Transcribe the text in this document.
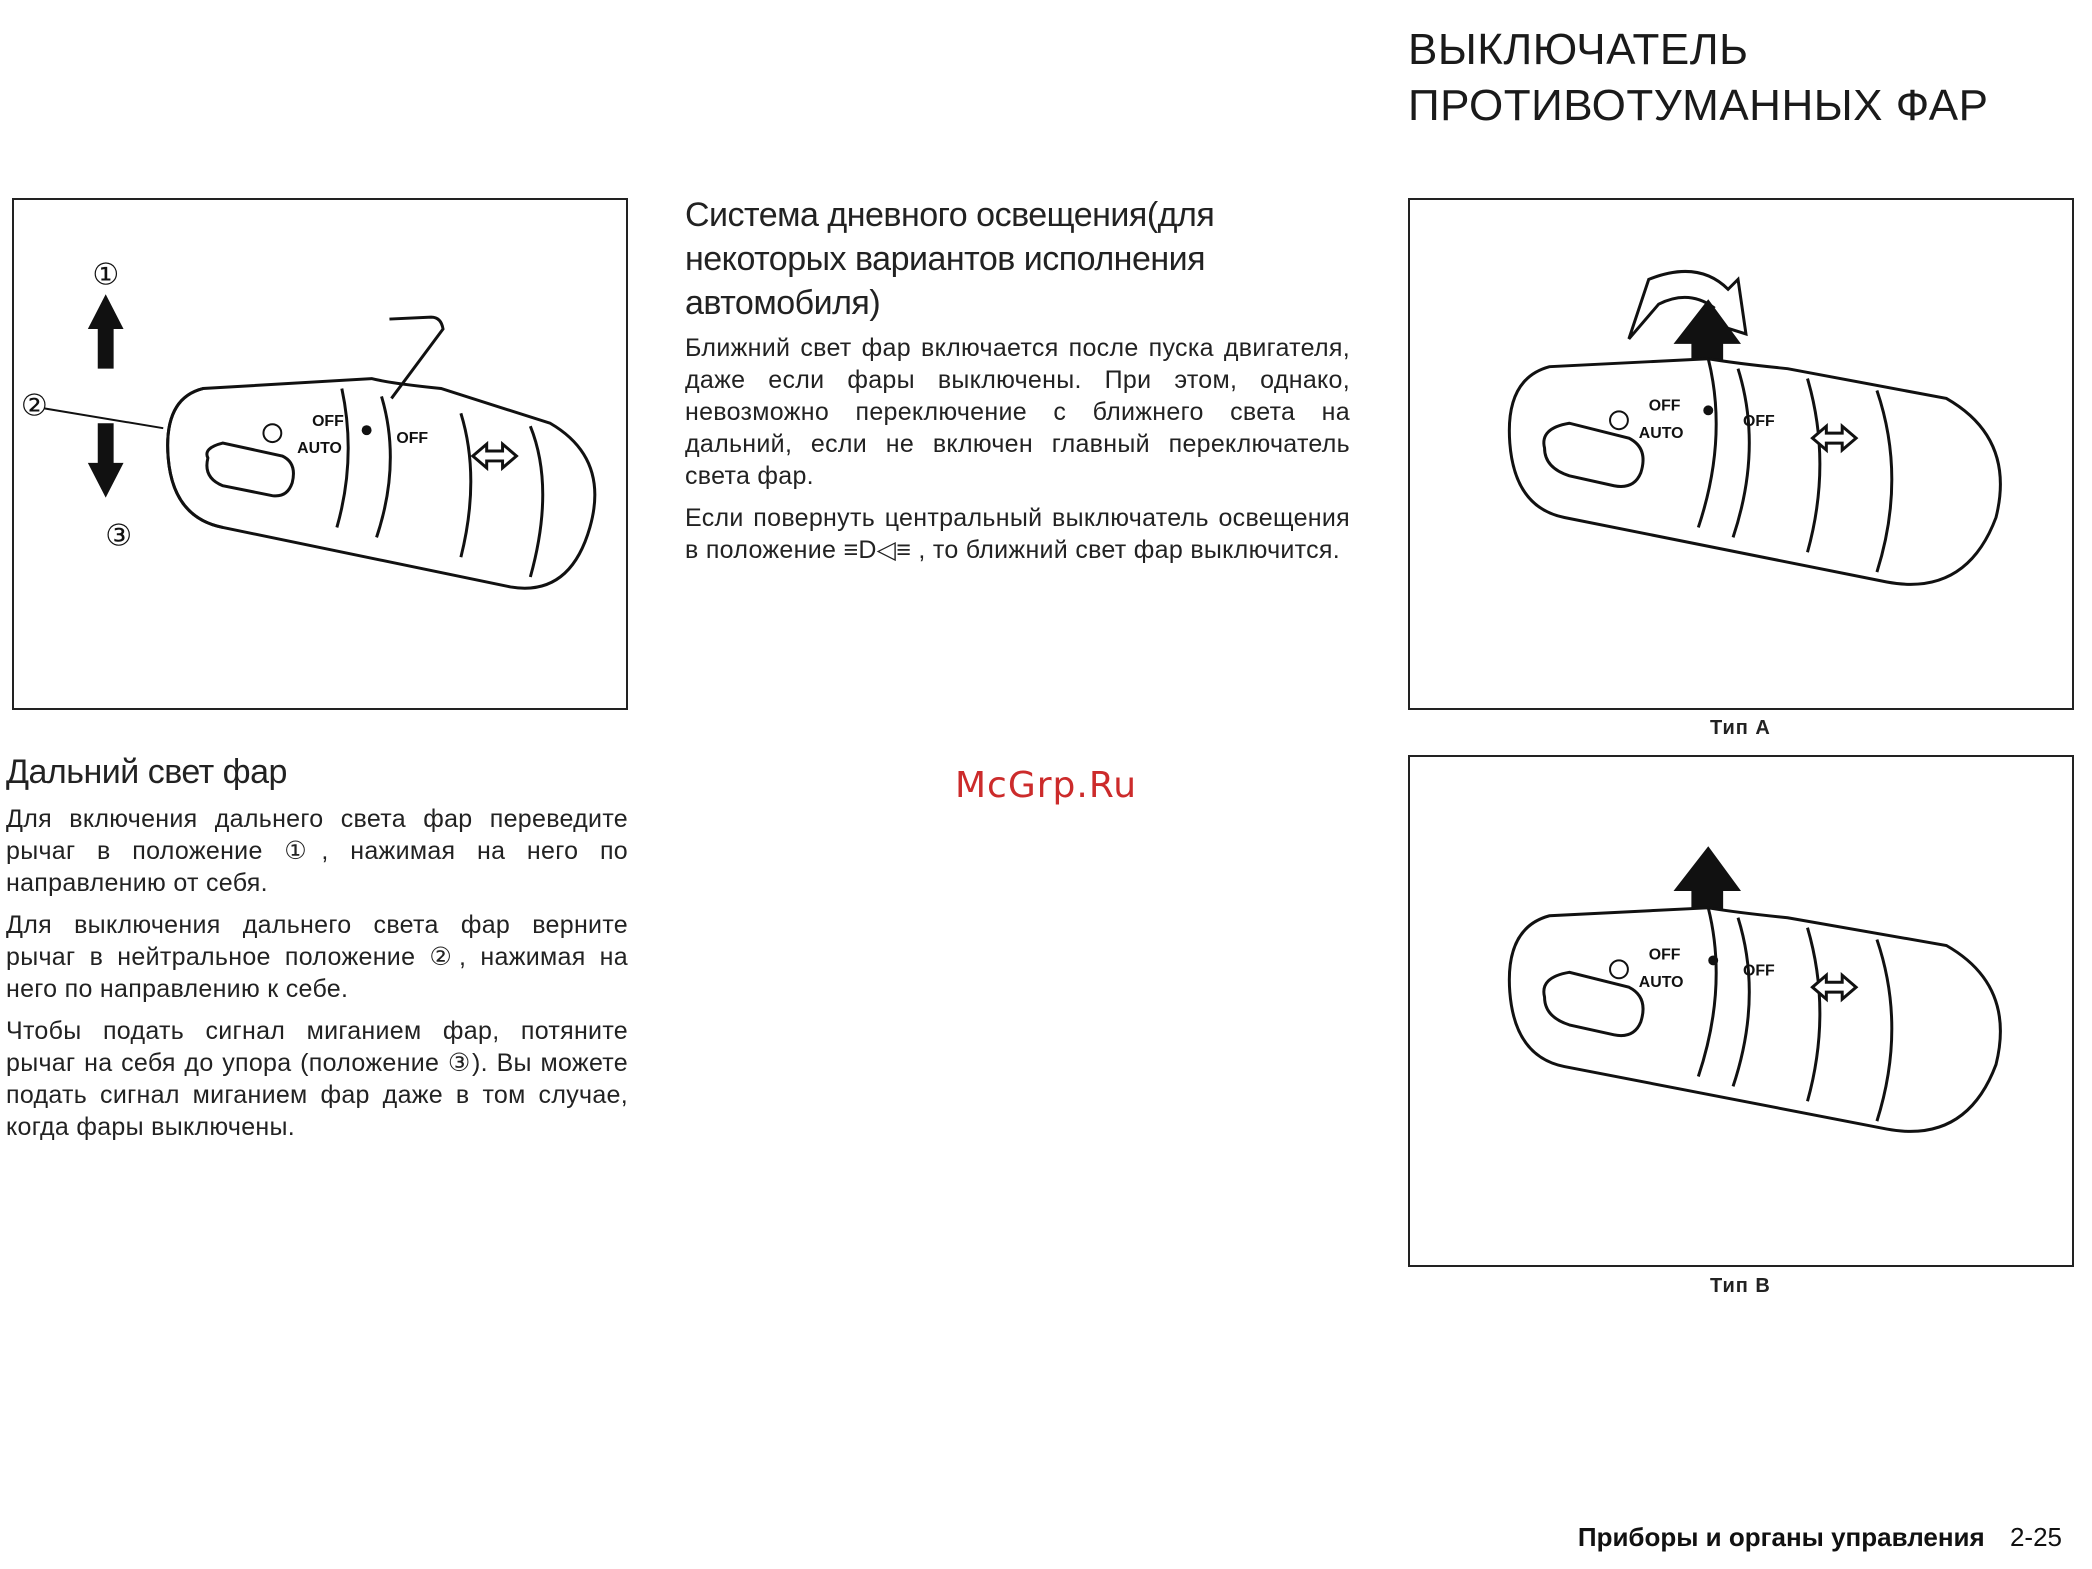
ВЫКЛЮЧАТЕЛЬ
ПРОТИВОТУМАННЫХ ФАР
①
②
③
OFF
AUTO
OFF
Система дневного освещения(для некоторых вариантов исполнения автомобиля)

Ближний свет фар включается после пуска двигателя, даже если фары выключены. При этом, однако, невозможно переключение с ближнего света на дальний, если не включен главный переключатель света фар.

Если повернуть центральный выключатель освещения в положение ≡D◁≡ , то ближний свет фар выключится.

Дальний свет фар

Для включения дальнего света фар переведите рычаг в положение ①, нажимая на него по направлению от себя.

Для выключения дальнего света фар верните рычаг в нейтральное положение ②, нажимая на него по направлению к себе.

Чтобы подать сигнал миганием фар, потяните рычаг на себя до упора (положение ③). Вы можете подать сигнал миганием фар даже в том случае, когда фары выключены.

McGrp.Ru
OFF
AUTO
OFF
Тип A
OFF
AUTO
OFF
Тип B
Приборы и органы управления 2-25
